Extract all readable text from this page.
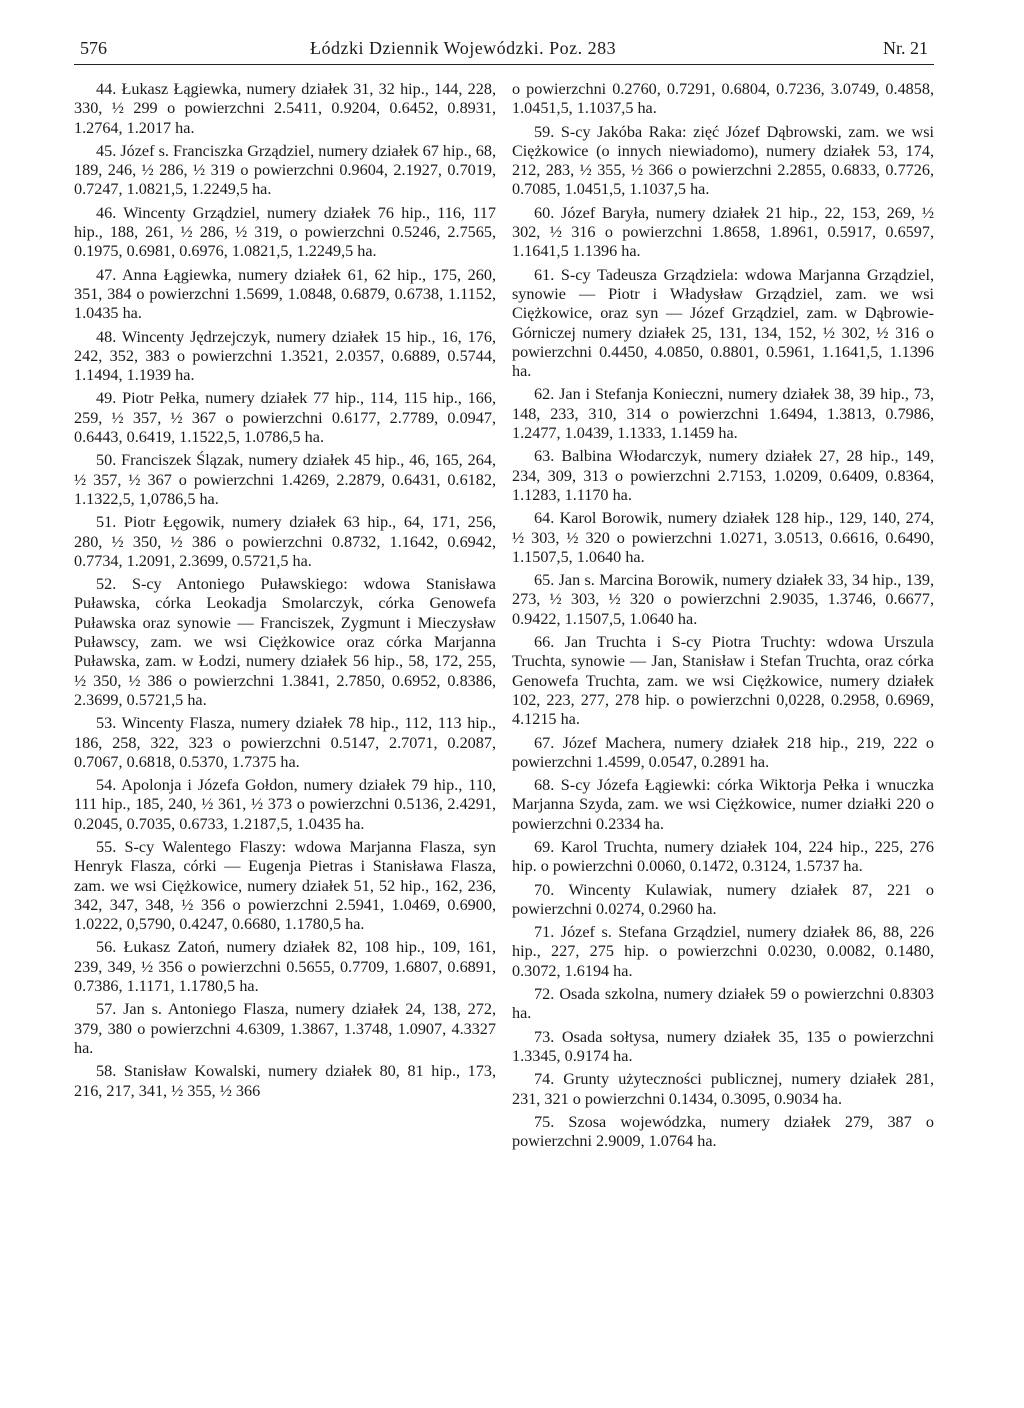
576	Łódzki Dziennik Wojewódzki. Poz. 283	Nr. 21

44. Łukasz Łągiewka, numery działek 31, 32 hip., 144, 228, 330, ½ 299 o powierzchni 2.5411, 0.9204, 0.6452, 0.8931, 1.2764, 1.2017 ha.

45. Józef s. Franciszka Grządziel, numery działek 67 hip., 68, 189, 246, ½ 286, ½ 319 o powierzchni 0.9604, 2.1927, 0.7019, 0.7247, 1.0821,5, 1.2249,5 ha.

46. Wincenty Grządziel, numery działek 76 hip., 116, 117 hip., 188, 261, ½ 286, ½ 319, o powierzchni 0.5246, 2.7565, 0.1975, 0.6981, 0.6976, 1.0821,5, 1.2249,5 ha.

47. Anna Łągiewka, numery działek 61, 62 hip., 175, 260, 351, 384 o powierzchni 1.5699, 1.0848, 0.6879, 0.6738, 1.1152, 1.0435 ha.

48. Wincenty Jędrzejczyk, numery działek 15 hip., 16, 176, 242, 352, 383 o powierzchni 1.3521, 2.0357, 0.6889, 0.5744, 1.1494, 1.1939 ha.

49. Piotr Pełka, numery działek 77 hip., 114, 115 hip., 166, 259, ½ 357, ½ 367 o powierzchni 0.6177, 2.7789, 0.0947, 0.6443, 0.6419, 1.1522,5, 1.0786,5 ha.

50. Franciszek Ślązak, numery działek 45 hip., 46, 165, 264, ½ 357, ½ 367 o powierzchni 1.4269, 2.2879, 0.6431, 0.6182, 1.1322,5, 1,0786,5 ha.

51. Piotr Łęgowik, numery działek 63 hip., 64, 171, 256, 280, ½ 350, ½ 386 o powierzchni 0.8732, 1.1642, 0.6942, 0.7734, 1.2091, 2.3699, 0.5721,5 ha.

52. S-cy Antoniego Puławskiego: wdowa Stanisława Puławska, córka Leokadja Smolarczyk, córka Genowefa Puławska oraz synowie — Franciszek, Zygmunt i Mieczysław Puławscy, zam. we wsi Ciężkowice oraz córka Marjanna Puławska, zam. w Łodzi, numery działek 56 hip., 58, 172, 255, ½ 350, ½ 386 o powierzchni 1.3841, 2.7850, 0.6952, 0.8386, 2.3699, 0.5721,5 ha.

53. Wincenty Flasza, numery działek 78 hip., 112, 113 hip., 186, 258, 322, 323 o powierzchni 0.5147, 2.7071, 0.2087, 0.7067, 0.6818, 0.5370, 1.7375 ha.

54. Apolonja i Józefa Gołdon, numery działek 79 hip., 110, 111 hip., 185, 240, ½ 361, ½ 373 o powierzchni 0.5136, 2.4291, 0.2045, 0.7035, 0.6733, 1.2187,5, 1.0435 ha.

55. S-cy Walentego Flaszy: wdowa Marjanna Flasza, syn Henryk Flasza, córki — Eugenja Pietras i Stanisława Flasza, zam. we wsi Ciężkowice, numery działek 51, 52 hip., 162, 236, 342, 347, 348, ½ 356 o powierzchni 2.5941, 1.0469, 0.6900, 1.0222, 0,5790, 0.4247, 0.6680, 1.1780,5 ha.

56. Łukasz Zatoń, numery działek 82, 108 hip., 109, 161, 239, 349, ½ 356 o powierzchni 0.5655, 0.7709, 1.6807, 0.6891, 0.7386, 1.1171, 1.1780,5 ha.

57. Jan s. Antoniego Flasza, numery działek 24, 138, 272, 379, 380 o powierzchni 4.6309, 1.3867, 1.3748, 1.0907, 4.3327 ha.

58. Stanisław Kowalski, numery działek 80, 81 hip., 173, 216, 217, 341, ½ 355, ½ 366

o powierzchni 0.2760, 0.7291, 0.6804, 0.7236, 3.0749, 0.4858, 1.0451,5, 1.1037,5 ha.

59. S-cy Jakóba Raka: zięć Józef Dąbrowski, zam. we wsi Ciężkowice (o innych niewiadomo), numery działek 53, 174, 212, 283, ½ 355, ½ 366 o powierzchni 2.2855, 0.6833, 0.7726, 0.7085, 1.0451,5, 1.1037,5 ha.

60. Józef Baryła, numery działek 21 hip., 22, 153, 269, ½ 302, ½ 316 o powierzchni 1.8658, 1.8961, 0.5917, 0.6597, 1.1641,5 1.1396 ha.

61. S-cy Tadeusza Grządziela: wdowa Marjanna Grządziel, synowie — Piotr i Władysław Grządziel, zam. we wsi Ciężkowice, oraz syn — Józef Grządziel, zam. w Dąbrowie-Górniczej numery działek 25, 131, 134, 152, ½ 302, ½ 316 o powierzchni 0.4450, 4.0850, 0.8801, 0.5961, 1.1641,5, 1.1396 ha.

62. Jan i Stefanja Konieczni, numery działek 38, 39 hip., 73, 148, 233, 310, 314 o powierzchni 1.6494, 1.3813, 0.7986, 1.2477, 1.0439, 1.1333, 1.1459 ha.

63. Balbina Włodarczyk, numery działek 27, 28 hip., 149, 234, 309, 313 o powierzchni 2.7153, 1.0209, 0.6409, 0.8364, 1.1283, 1.1170 ha.

64. Karol Borowik, numery działek 128 hip., 129, 140, 274, ½ 303, ½ 320 o powierzchni 1.0271, 3.0513, 0.6616, 0.6490, 1.1507,5, 1.0640 ha.

65. Jan s. Marcina Borowik, numery działek 33, 34 hip., 139, 273, ½ 303, ½ 320 o powierzchni 2.9035, 1.3746, 0.6677, 0.9422, 1.1507,5, 1.0640 ha.

66. Jan Truchta i S-cy Piotra Truchty: wdowa Urszula Truchta, synowie — Jan, Stanisław i Stefan Truchta, oraz córka Genowefa Truchta, zam. we wsi Ciężkowice, numery działek 102, 223, 277, 278 hip. o powierzchni 0,0228, 0.2958, 0.6969, 4.1215 ha.

67. Józef Machera, numery działek 218 hip., 219, 222 o powierzchni 1.4599, 0.0547, 0.2891 ha.

68. S-cy Józefa Łągiewki: córka Wiktorja Pełka i wnuczka Marjanna Szyda, zam. we wsi Ciężkowice, numer działki 220 o powierzchni 0.2334 ha.

69. Karol Truchta, numery działek 104, 224 hip., 225, 276 hip. o powierzchni 0.0060, 0.1472, 0.3124, 1.5737 ha.

70. Wincenty Kulawiak, numery działek 87, 221 o powierzchni 0.0274, 0.2960 ha.

71. Józef s. Stefana Grządziel, numery działek 86, 88, 226 hip., 227, 275 hip. o powierzchni 0.0230, 0.0082, 0.1480, 0.3072, 1.6194 ha.

72. Osada szkolna, numery działek 59 o powierzchni 0.8303 ha.

73. Osada sołtysa, numery działek 35, 135 o powierzchni 1.3345, 0.9174 ha.

74. Grunty użyteczności publicznej, numery działek 281, 231, 321 o powierzchni 0.1434, 0.3095, 0.9034 ha.

75. Szosa wojewódzka, numery działek 279, 387 o powierzchni 2.9009, 1.0764 ha.
